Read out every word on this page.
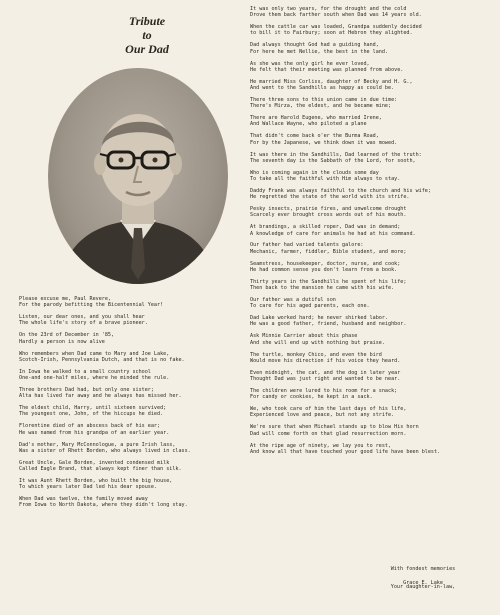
Tribute
to
Our Dad
Please excuse me, Paul Revere,
For the parody befitting the Bicentennial Year!
Listen, our dear ones, and you shall hear
The whole life's story of a brave pioneer.
On the 23rd of December in '85,
Hardly a person is now alive
Who remembers when Dad came to Mary and Joe Lake,
Scotch-Irish, Pennsylvania Dutch, and that is no fake.
In Iowa he walked to a small country school
One-and one-half miles, where he minded the rule.
Three brothers Dad had, but only one sister;
Alta has lived far away and he always has missed her.
The eldest child, Harry, until sixteen survived;
The youngest one, John, of the hiccups he died.
Florentine died of an abscess back of his ear;
He was named from his grandpa of an earlier year.
Dad's mother, Mary McConnologue, a pure Irish lass,
Was a sister of Rhett Borden, who always lived in class.
Great Uncle, Gale Borden, invented condensed milk
Called Eagle Brand, that always kept finer than silk.
It was Aunt Rhett Borden, who built the big house,
To which years later Dad led his dear spouse.
When Dad was twelve, the family moved away
From Iowa to North Dakota, where they didn't long stay.
It was only two years, for the drought and the cold
Drove them back farther south when Dad was 14 years old.
When the cattle car was loaded, Grandpa suddenly decided
to bill it to Fairbury; soon at Hebron they alighted.
Dad always thought God had a guiding hand,
For here he met Nellie, the best in the land.
As she was the only girl he ever loved,
He felt that their meeting was planned from above.
He married Miss Corliss, daughter of Becky and H. G.,
And went to the Sandhills as happy as could be.
There three sons to this union came in due time:
There's Mirza, the eldest, and he became mine;
There are Harold Eugene, who married Irene,
And Wallace Wayne, who piloted a plane
That didn't come back o'er the Burma Road,
For by the Japanese, we think down it was mowed.
It was there in the Sandhills, Dad learned of the truth:
The seventh day is the Sabbath of the Lord, for sooth,
Who is coming again in the clouds some day
To take all the faithful with Him always to stay.
Daddy Frank was always faithful to the church and his wife;
He regretted the state of the world with its strife.
Pesky insects, prairie fires, and unwelcome drought
Scarcely ever brought cross words out of his mouth.
At brandings, a skilled roper, Dad was in demand;
A knowledge of care for animals he had at his command.
Our father had varied talents galore:
Mechanic, farmer, fiddler, Bible student, and more;
Seamstress, housekeeper, doctor, nurse, and cook;
He had common sense you don't learn from a book.
Thirty years in the Sandhills he spent of his life;
Then back to the mansion he came with his wife.
Our father was a dutiful son
To care for his aged parents, each one.
Dad Lake worked hard; he never shirked labor.
He was a good father, friend, husband and neighbor.
Ask Minnie Carrier about this phase
And she will end up with nothing but praise.
The turtle, monkey Chico, and even the bird
Would move his direction if his voice they heard.
Even midnight, the cat, and the dog in later year
Thought Dad was just right and wanted to be near.
The children were lured to his room for a snack;
For candy or cookies, he kept in a sack.
We, who took care of him the last days of his life,
Experienced love and peace, but not any strife.
We're sure that when Michael stands up to blow His horn
Dad will come forth on that glad resurrection morn.
At the ripe age of ninety, we lay you to rest,
And know all that have touched your good life have been blest.

With fondest memories

Your daughter-in-law,

Grace E. Lake
